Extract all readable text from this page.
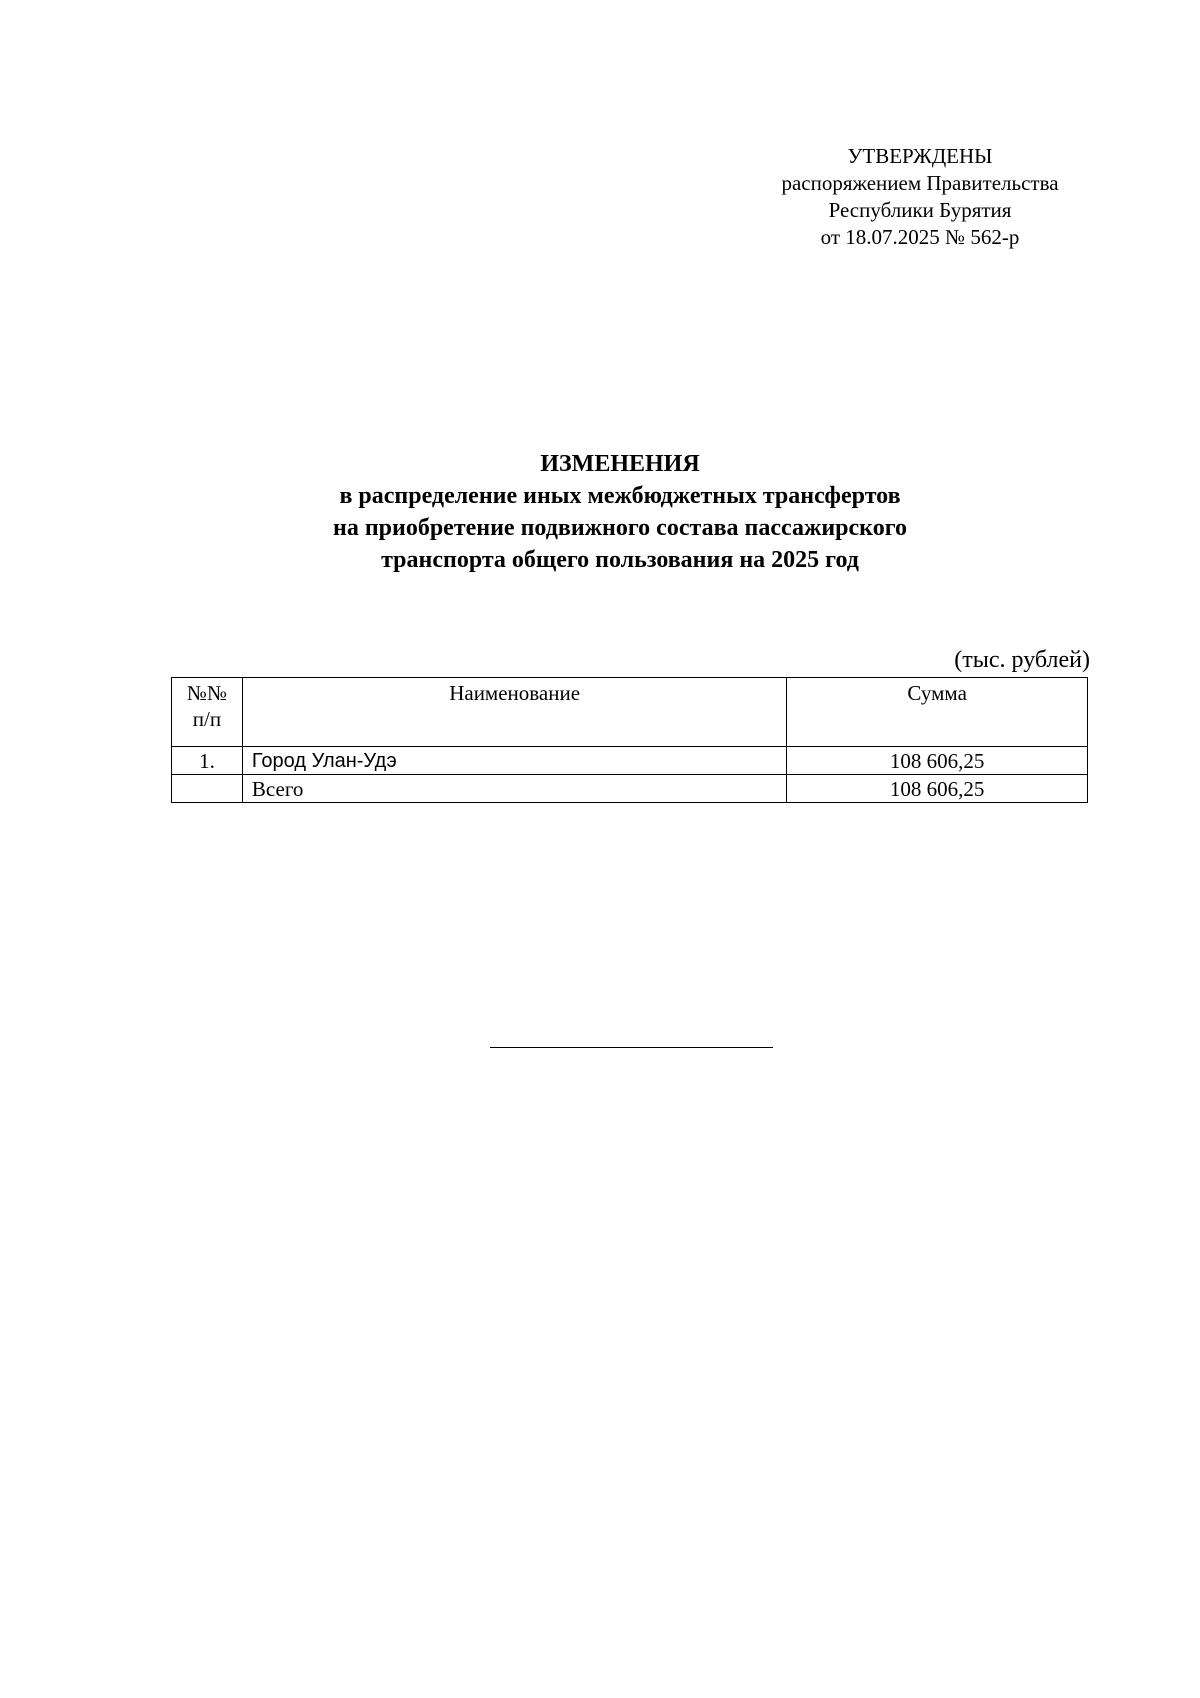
УТВЕРЖДЕНЫ
распоряжением Правительства
Республики Бурятия
от 18.07.2025 № 562-р
ИЗМЕНЕНИЯ
в распределение иных межбюджетных трансфертов
на приобретение подвижного состава пассажирского
транспорта общего пользования на 2025 год
(тыс. рублей)
№№
п/п	Наименование	Сумма
1.	Город Улан-Удэ	108 606,25
	Всего	108 606,25
